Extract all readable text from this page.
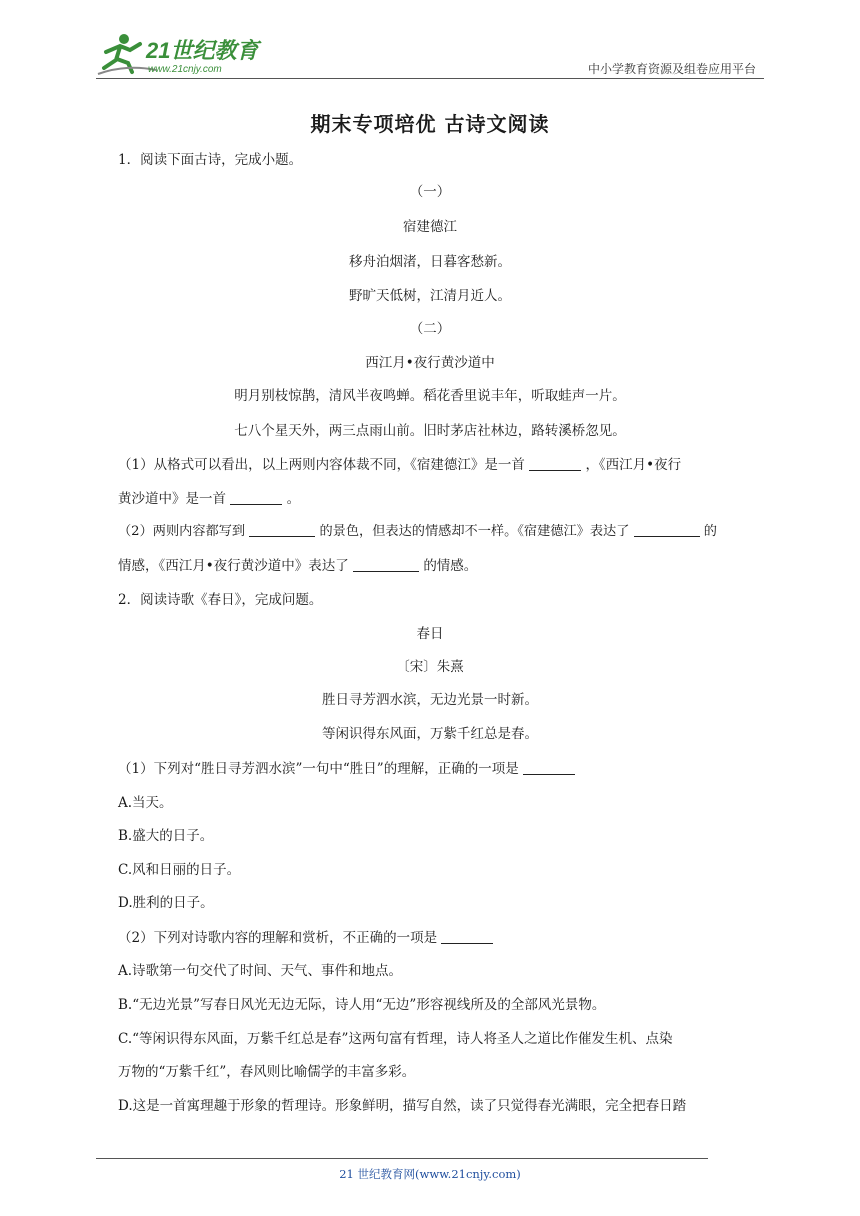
21世纪教育
www.21cnjy.com	中小学教育资源及组卷应用平台
期末专项培优 古诗文阅读
1．阅读下面古诗，完成小题。
（一）
宿建德江
移舟泊烟渚，日暮客愁新。
野旷天低树，江清月近人。
（二）
西江月•夜行黄沙道中
明月别枝惊鹊，清风半夜鸣蝉。稻花香里说丰年，听取蛙声一片。
七八个星天外，两三点雨山前。旧时茅店社林边，路转溪桥忽见。
（1）从格式可以看出，以上两则内容体裁不同，《宿建德江》是一首	，《西江月•夜行
黄沙道中》是一首	。
（2）两则内容都写到	的景色，但表达的情感却不一样。《宿建德江》表达了	的
情感，《西江月•夜行黄沙道中》表达了	的情感。
2．阅读诗歌《春日》，完成问题。
春日
〔宋〕朱熹
胜日寻芳泗水滨，无边光景一时新。
等闲识得东风面，万紫千红总是春。
（1）下列对“胜日寻芳泗水滨”一句中“胜日”的理解，正确的一项是
A.当天。
B.盛大的日子。
C.风和日丽的日子。
D.胜利的日子。
（2）下列对诗歌内容的理解和赏析，不正确的一项是
A.诗歌第一句交代了时间、天气、事件和地点。
B.“无边光景”写春日风光无边无际，诗人用“无边”形容视线所及的全部风光景物。
C.“等闲识得东风面，万紫千红总是春”这两句富有哲理，诗人将圣人之道比作催发生机、点染
万物的“万紫千红”，春风则比喻儒学的丰富多彩。
D.这是一首寓理趣于形象的哲理诗。形象鲜明，描写自然，读了只觉得春光满眼，完全把春日踏
21 世纪教育网(www.21cnjy.com)
